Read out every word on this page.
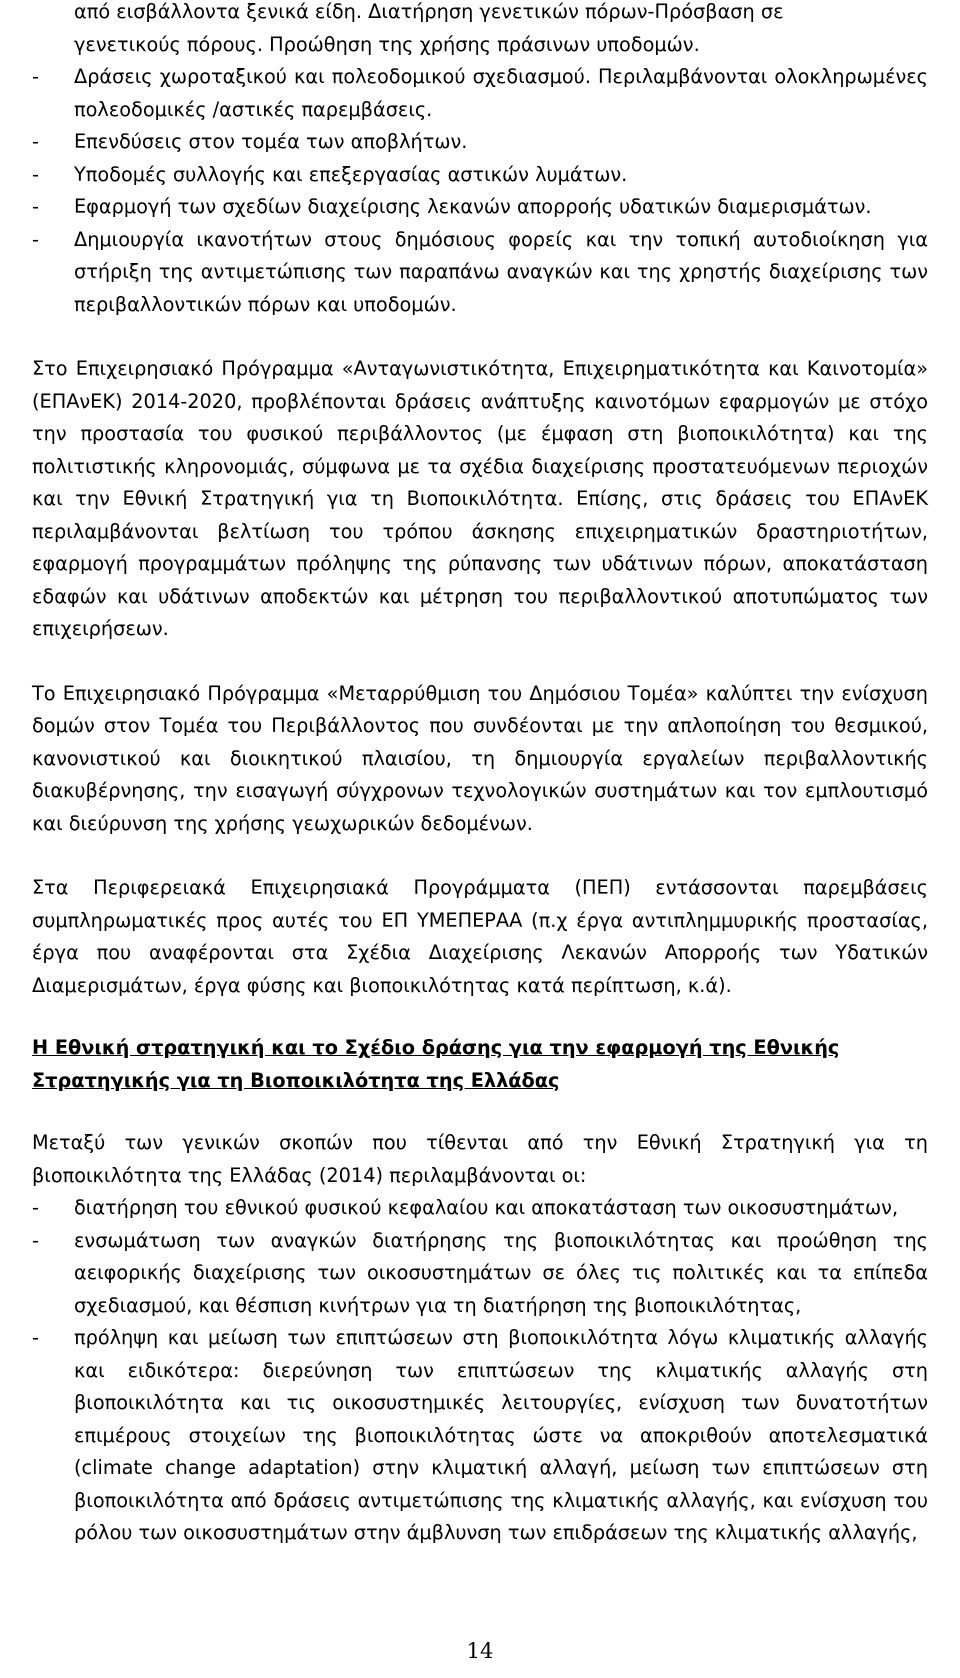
από εισβάλλοντα ξενικά είδη. Διατήρηση γενετικών πόρων-Πρόσβαση σε

γενετικούς πόρους. Προώθηση της χρήσης πράσινων υποδομών.

- Δράσεις χωροταξικού και πολεοδομικού σχεδιασμού. Περιλαμβάνονται ολοκληρωμένες πολεοδομικές /αστικές παρεμβάσεις.
- Επενδύσεις στον τομέα των αποβλήτων.
- Υποδομές συλλογής και επεξεργασίας αστικών λυμάτων.
- Εφαρμογή των σχεδίων διαχείρισης λεκανών απορροής υδατικών διαμερισμάτων.
- Δημιουργία ικανοτήτων στους δημόσιους φορείς και την τοπική αυτοδιοίκηση για στήριξη της αντιμετώπισης των παραπάνω αναγκών και της χρηστής διαχείρισης των περιβαλλοντικών πόρων και υποδομών.

Στο Επιχειρησιακό Πρόγραμμα «Ανταγωνιστικότητα, Επιχειρηματικότητα και Καινοτομία» (ΕΠΑνΕΚ) 2014-2020, προβλέπονται δράσεις ανάπτυξης καινοτόμων εφαρμογών με στόχο την προστασία του φυσικού περιβάλλοντος (με έμφαση στη βιοποικιλότητα) και της πολιτιστικής κληρονομιάς, σύμφωνα με τα σχέδια διαχείρισης προστατευόμενων περιοχών και την Εθνική Στρατηγική για τη Βιοποικιλότητα. Επίσης, στις δράσεις του ΕΠΑνΕΚ περιλαμβάνονται βελτίωση του τρόπου άσκησης επιχειρηματικών δραστηριοτήτων, εφαρμογή προγραμμάτων πρόληψης της ρύπανσης των υδάτινων πόρων, αποκατάσταση εδαφών και υδάτινων αποδεκτών και μέτρηση του περιβαλλοντικού αποτυπώματος των επιχειρήσεων.

Το Επιχειρησιακό Πρόγραμμα «Μεταρρύθμιση του Δημόσιου Τομέα» καλύπτει την ενίσχυση δομών στον Τομέα του Περιβάλλοντος που συνδέονται με την απλοποίηση του θεσμικού, κανονιστικού και διοικητικού πλαισίου, τη δημιουργία εργαλείων περιβαλλοντικής διακυβέρνησης, την εισαγωγή σύγχρονων τεχνολογικών συστημάτων και τον εμπλουτισμό και διεύρυνση της χρήσης γεωχωρικών δεδομένων.

Στα Περιφερειακά Επιχειρησιακά Προγράμματα (ΠΕΠ) εντάσσονται παρεμβάσεις συμπληρωματικές προς αυτές του ΕΠ ΥΜΕΠΕΡΑΑ (π.χ έργα αντιπλημμυρικής προστασίας, έργα που αναφέρονται στα Σχέδια Διαχείρισης Λεκανών Απορροής των Υδατικών Διαμερισμάτων, έργα φύσης και βιοποικιλότητας κατά περίπτωση, κ.ά).

Η Εθνική στρατηγική και το Σχέδιο δράσης για την εφαρμογή της Εθνικής Στρατηγικής για τη Βιοποικιλότητα της Ελλάδας

Μεταξύ των γενικών σκοπών που τίθενται από την Εθνική Στρατηγική για τη βιοποικιλότητα της Ελλάδας (2014) περιλαμβάνονται οι:

- διατήρηση του εθνικού φυσικού κεφαλαίου και αποκατάσταση των οικοσυστημάτων,
- ενσωμάτωση των αναγκών διατήρησης της βιοποικιλότητας και προώθηση της αειφορικής διαχείρισης των οικοσυστημάτων σε όλες τις πολιτικές και τα επίπεδα σχεδιασμού, και θέσπιση κινήτρων για τη διατήρηση της βιοποικιλότητας,
- πρόληψη και μείωση των επιπτώσεων στη βιοποικιλότητα λόγω κλιματικής αλλαγής και ειδικότερα: διερεύνηση των επιπτώσεων της κλιματικής αλλαγής στη βιοποικιλότητα και τις οικοσυστημικές λειτουργίες, ενίσχυση των δυνατοτήτων επιμέρους στοιχείων της βιοποικιλότητας ώστε να αποκριθούν αποτελεσματικά (climate change adaptation) στην κλιματική αλλαγή, μείωση των επιπτώσεων στη βιοποικιλότητα από δράσεις αντιμετώπισης της κλιματικής αλλαγής, και ενίσχυση του ρόλου των οικοσυστημάτων στην άμβλυνση των επιδράσεων της κλιματικής αλλαγής,
14
